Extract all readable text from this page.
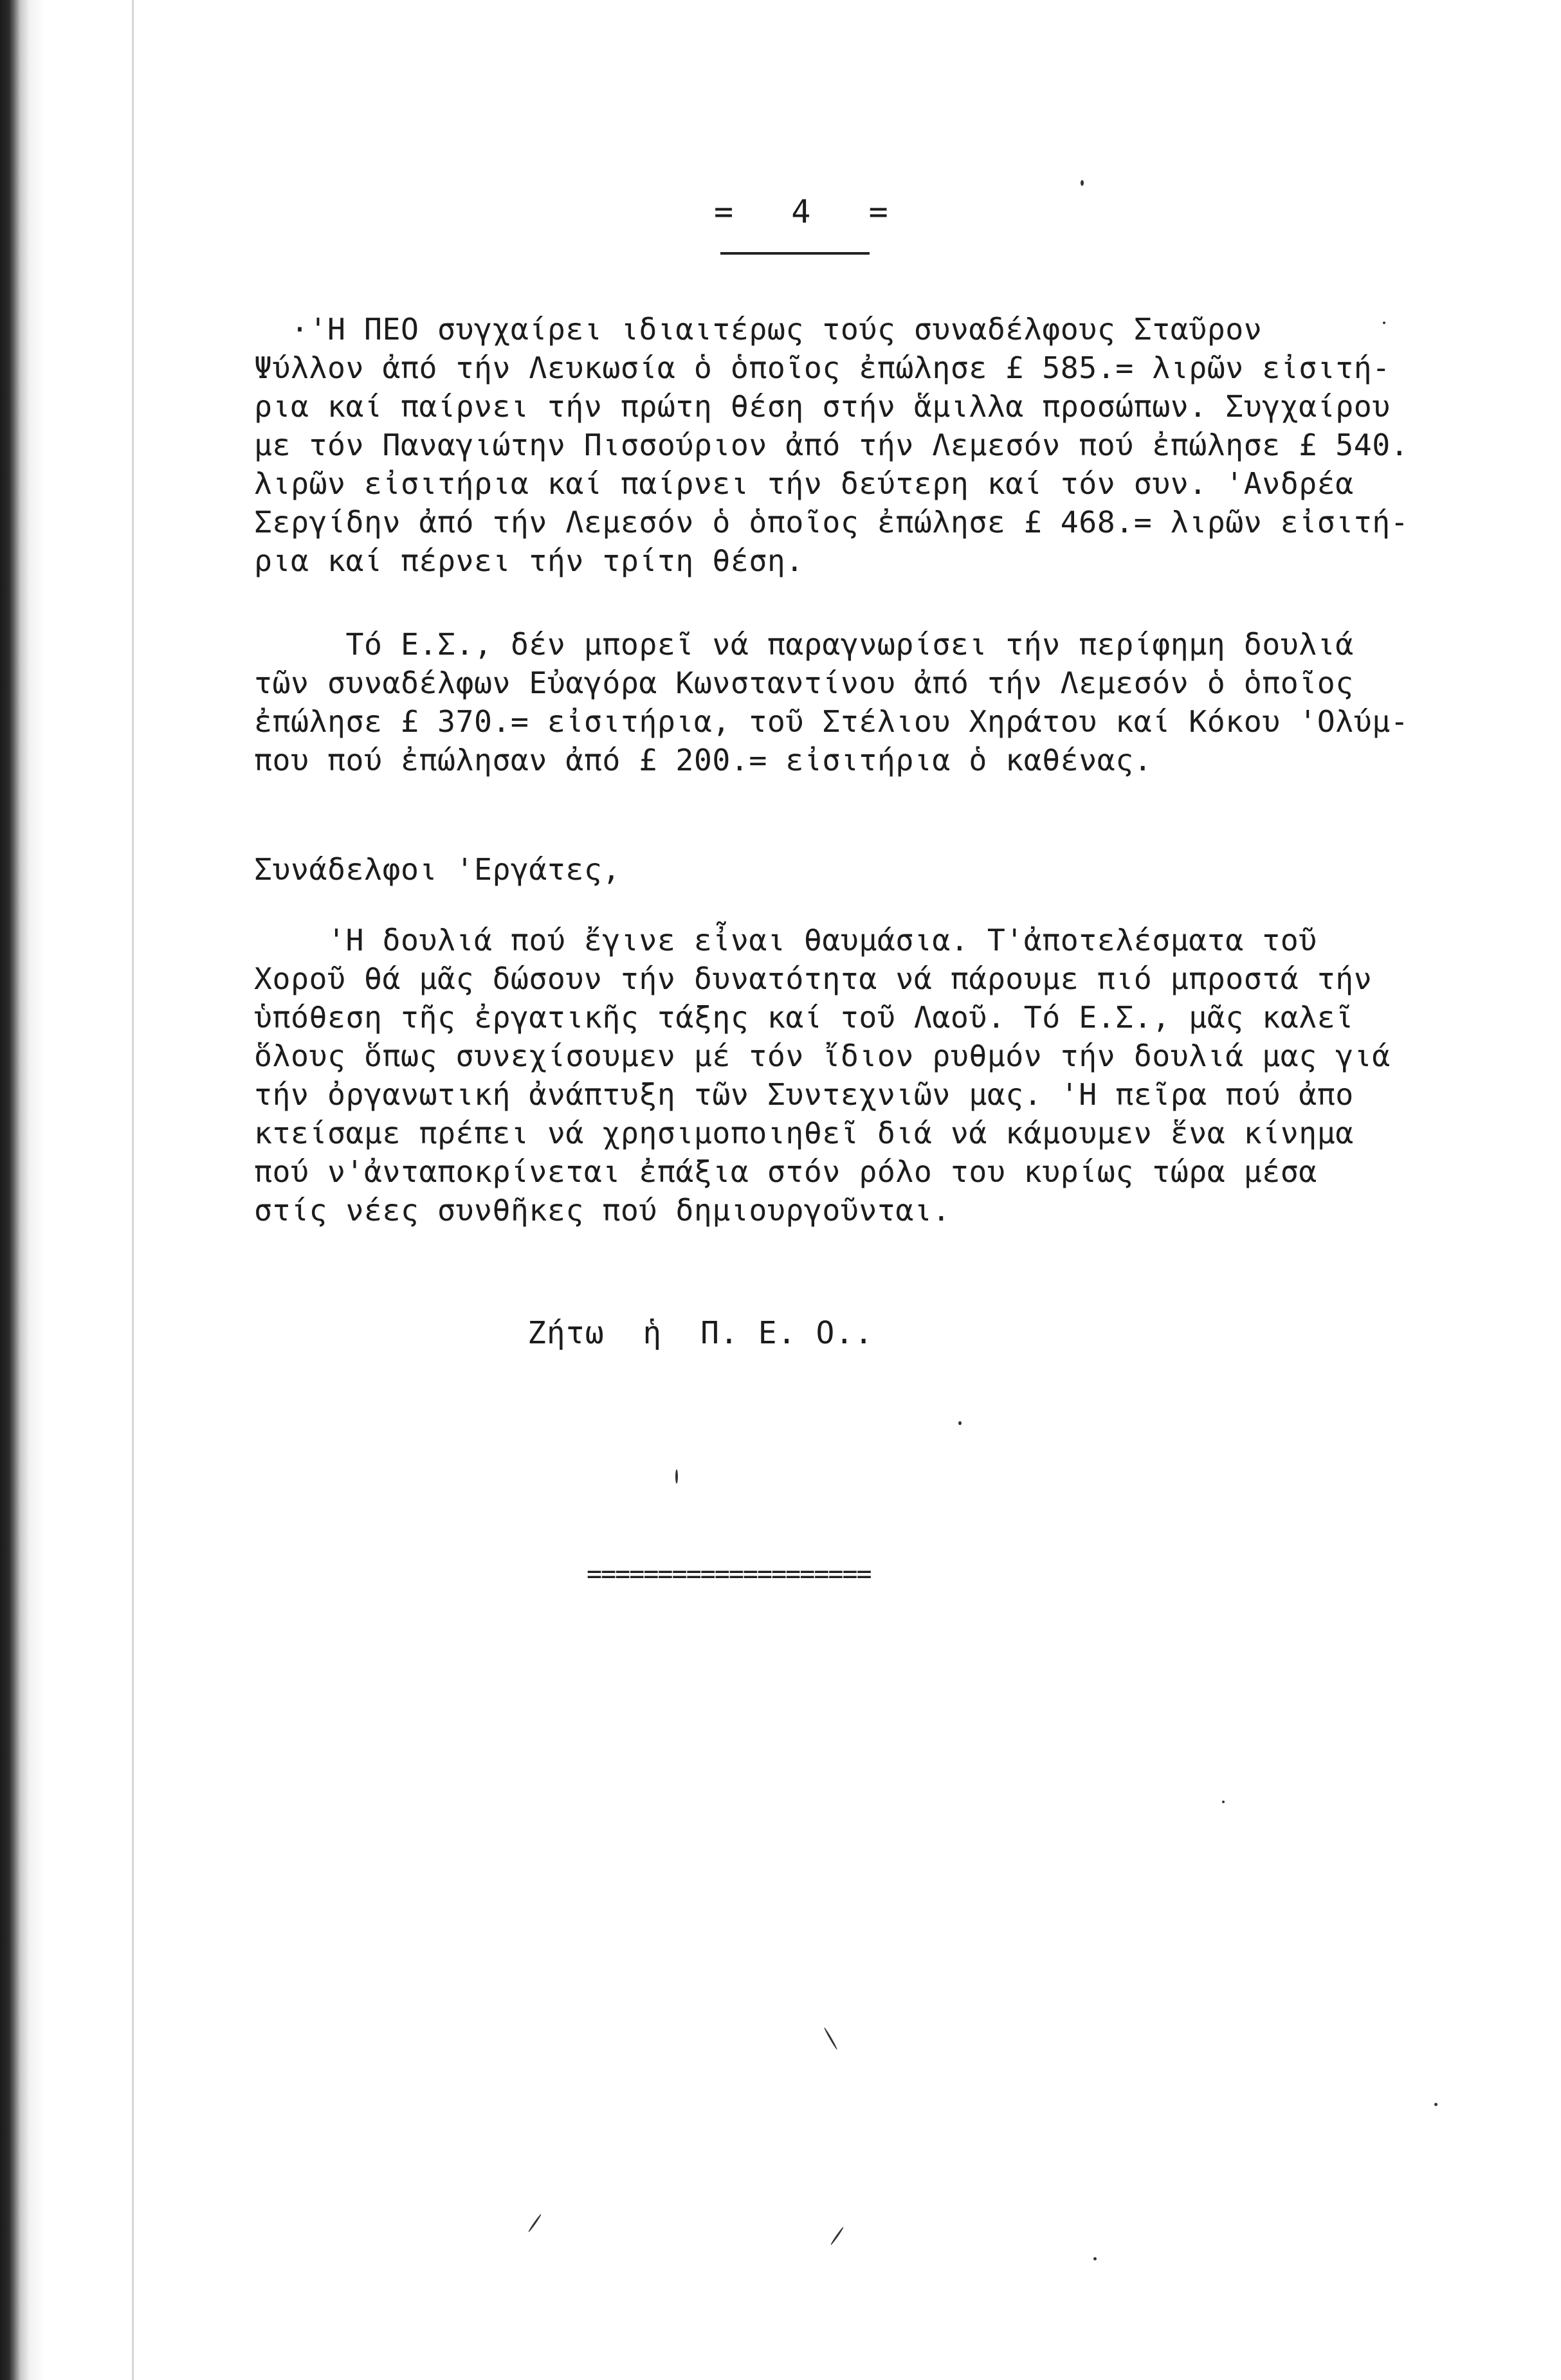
=  4  =
·'Η ΠΕΟ συγχαίρει ιδιαιτέρως τούς συναδέλφους Σταῦρον
Ψύλλον ἀπό τήν Λευκωσία ὁ ὁποῖος ἐπώλησε £ 585.= λιρῶν εἰσιτή-
ρια καί παίρνει τήν πρώτη θέση στήν ἅμιλλα προσώπων. Συγχαίρου
με τόν Παναγιώτην Πισσούριον ἀπό τήν Λεμεσόν πού ἐπώλησε £ 540.
λιρῶν εἰσιτήρια καί παίρνει τήν δεύτερη καί τόν συν. 'Ανδρέα
Σεργίδην ἀπό τήν Λεμεσόν ὁ ὁποῖος ἐπώλησε £ 468.= λιρῶν εἰσιτή-
ρια καί πέρνει τήν τρίτη θέση.
Τό Ε.Σ., δέν μπορεῖ νά παραγνωρίσει τήν περίφημη δουλιά
τῶν συναδέλφων Εὐαγόρα Κωνσταντίνου ἀπό τήν Λεμεσόν ὁ ὁποῖος
ἐπώλησε £ 370.= εἰσιτήρια, τοῦ Στέλιου Χηράτου καί Κόκου 'Ολύμ-
που πού ἐπώλησαν ἀπό £ 200.= εἰσιτήρια ὁ καθένας.
Συνάδελφοι 'Εργάτες,
'Η δουλιά πού ἔγινε εἶναι θαυμάσια. Τ'ἀποτελέσματα τοῦ
Χοροῦ θά μᾶς δώσουν τήν δυνατότητα νά πάρουμε πιό μπροστά τήν
ὑπόθεση τῆς ἐργατικῆς τάξης καί τοῦ Λαοῦ. Τό Ε.Σ., μᾶς καλεῖ
ὅλους ὅπως συνεχίσουμεν μέ τόν ἴδιον ρυθμόν τήν δουλιά μας γιά
τήν ὀργανωτική ἀνάπτυξη τῶν Συντεχνιῶν μας. 'Η πεῖρα πού ἀπο
κτείσαμε πρέπει νά χρησιμοποιηθεῖ διά νά κάμουμεν ἕνα κίνημα
πού ν'ἀνταποκρίνεται ἐπάξια στόν ρόλο του κυρίως τώρα μέσα
στίς νέες συνθῆκες πού δημιουργοῦνται.
Ζήτω  ἡ  Π. Ε. Ο..
====================
